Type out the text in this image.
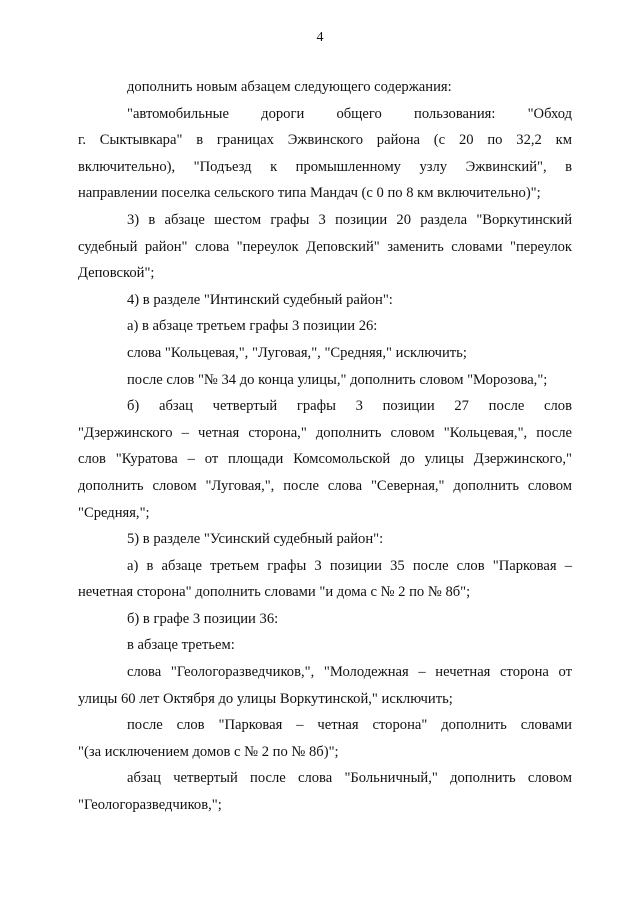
4
дополнить новым абзацем следующего содержания:
"автомобильные дороги общего пользования: "Обход
г. Сыктывкара" в границах Эжвинского района (с 20 по 32,2 км
включительно), "Подъезд к промышленному узлу Эжвинский", в
направлении поселка сельского типа Мандач (с 0 по 8 км включительно)";
3) в абзаце шестом графы 3 позиции 20 раздела "Воркутинский
судебный район" слова "переулок Деповский" заменить словами "переулок
Деповской";
4) в разделе "Интинский судебный район":
а) в абзаце третьем графы 3 позиции 26:
слова "Кольцевая,", "Луговая,", "Средняя," исключить;
после слов "№ 34 до конца улицы," дополнить словом "Морозова,";
б) абзац четвертый графы 3 позиции 27 после слов
"Дзержинского – четная сторона," дополнить словом "Кольцевая,", после
слов "Куратова – от площади Комсомольской до улицы Дзержинского,"
дополнить словом "Луговая,", после слова "Северная," дополнить словом
"Средняя,";
5) в разделе "Усинский судебный район":
а) в абзаце третьем графы 3 позиции 35 после слов "Парковая –
нечетная сторона" дополнить словами "и дома с № 2 по № 8б";
б) в графе 3 позиции 36:
в абзаце третьем:
слова "Геологоразведчиков,", "Молодежная – нечетная сторона от
улицы 60 лет Октября до улицы Воркутинской," исключить;
после слов "Парковая – четная сторона" дополнить словами
"(за исключением домов с № 2 по № 8б)";
абзац четвертый после слова "Больничный," дополнить словом
"Геологоразведчиков,";
